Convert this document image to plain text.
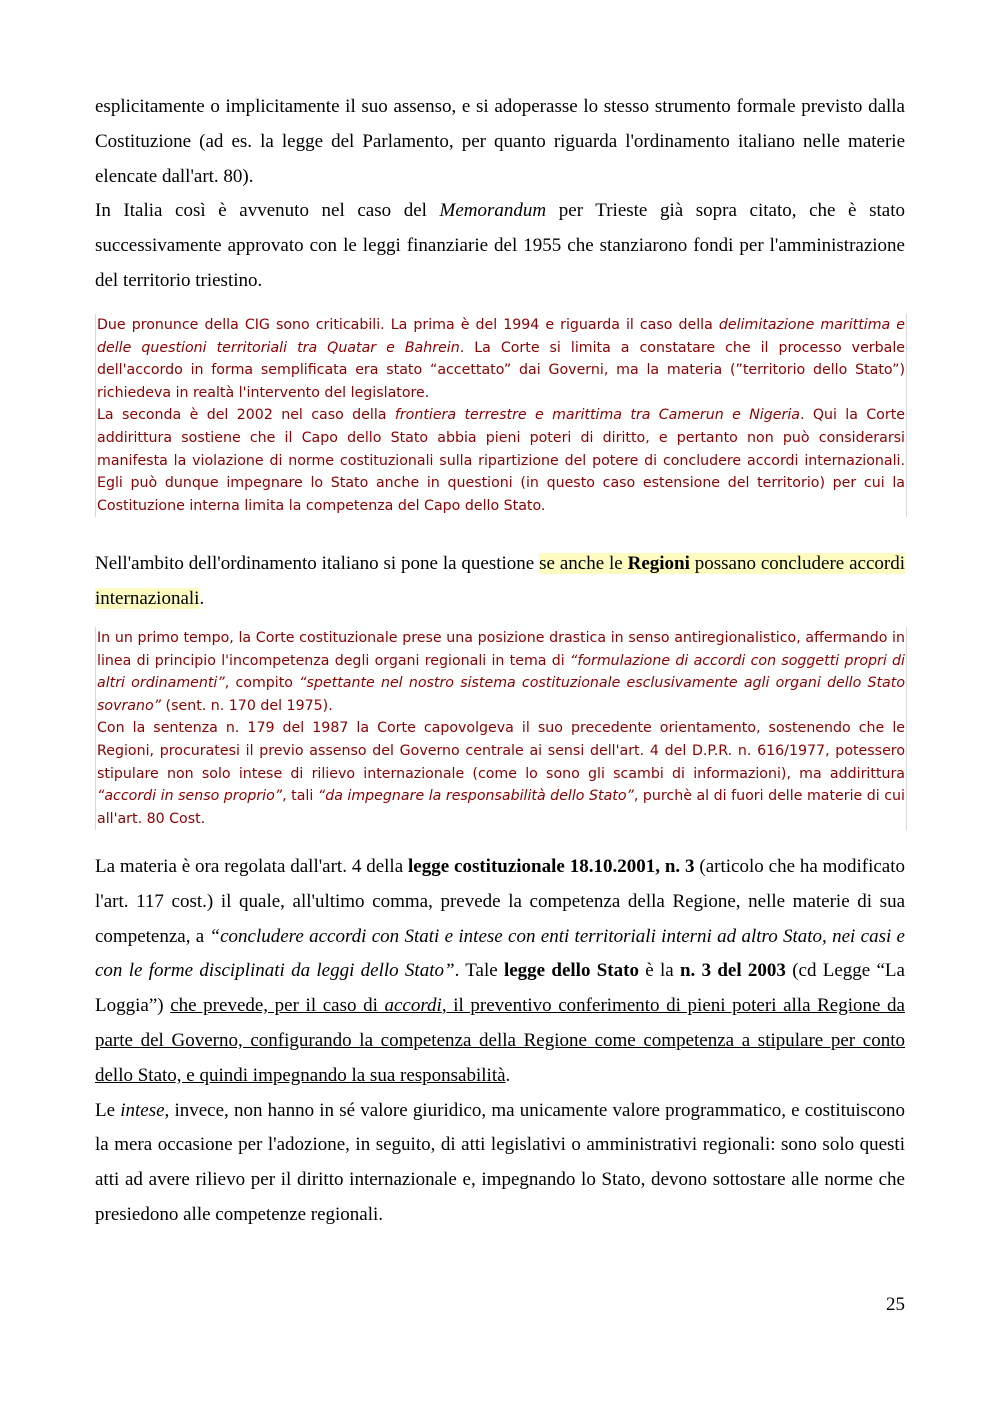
esplicitamente o implicitamente il suo assenso, e si adoperasse lo stesso strumento formale previsto dalla Costituzione (ad es. la legge del Parlamento, per quanto riguarda l'ordinamento italiano nelle materie elencate dall'art. 80).

In Italia così è avvenuto nel caso del Memorandum per Trieste già sopra citato, che è stato successivamente approvato con le leggi finanziarie del 1955 che stanziarono fondi per l'amministrazione del territorio triestino.

Due pronunce della CIG sono criticabili. La prima è del 1994 e riguarda il caso della delimitazione marittima e delle questioni territoriali tra Quatar e Bahrein. La Corte si limita a constatare che il processo verbale dell'accordo in forma semplificata era stato “accettato” dai Governi, ma la materia (”territorio dello Stato”) richiedeva in realtà l'intervento del legislatore.

La seconda è del 2002 nel caso della frontiera terrestre e marittima tra Camerun e Nigeria. Qui la Corte addirittura sostiene che il Capo dello Stato abbia pieni poteri di diritto, e pertanto non può considerarsi manifesta la violazione di norme costituzionali sulla ripartizione del potere di concludere accordi internazionali. Egli può dunque impegnare lo Stato anche in questioni (in questo caso estensione del territorio) per cui la Costituzione interna limita la competenza del Capo dello Stato.

Nell'ambito dell'ordinamento italiano si pone la questione se anche le Regioni possano concludere accordi internazionali.

In un primo tempo, la Corte costituzionale prese una posizione drastica in senso antiregionalistico, affermando in linea di principio l'incompetenza degli organi regionali in tema di “formulazione di accordi con soggetti propri di altri ordinamenti”, compito “spettante nel nostro sistema costituzionale esclusivamente agli organi dello Stato sovrano” (sent. n. 170 del 1975).

Con la sentenza n. 179 del 1987 la Corte capovolgeva il suo precedente orientamento, sostenendo che le Regioni, procuratesi il previo assenso del Governo centrale ai sensi dell'art. 4 del D.P.R. n. 616/1977, potessero stipulare non solo intese di rilievo internazionale (come lo sono gli scambi di informazioni), ma addirittura “accordi in senso proprio”, tali “da impegnare la responsabilità dello Stato”, purchè al di fuori delle materie di cui all'art. 80 Cost.

La materia è ora regolata dall'art. 4 della legge costituzionale 18.10.2001, n. 3 (articolo che ha modificato l'art. 117 cost.) il quale, all'ultimo comma, prevede la competenza della Regione, nelle materie di sua competenza, a “concludere accordi con Stati e intese con enti territoriali interni ad altro Stato, nei casi e con le forme disciplinati da leggi dello Stato”. Tale legge dello Stato è la n. 3 del 2003 (cd Legge “La Loggia”) che prevede, per il caso di accordi, il preventivo conferimento di pieni poteri alla Regione da parte del Governo, configurando la competenza della Regione come competenza a stipulare per conto dello Stato, e quindi impegnando la sua responsabilità.

Le intese, invece, non hanno in sé valore giuridico, ma unicamente valore programmatico, e costituiscono la mera occasione per l'adozione, in seguito, di atti legislativi o amministrativi regionali: sono solo questi atti ad avere rilievo per il diritto internazionale e, impegnando lo Stato, devono sottostare alle norme che presiedono alle competenze regionali.

25
